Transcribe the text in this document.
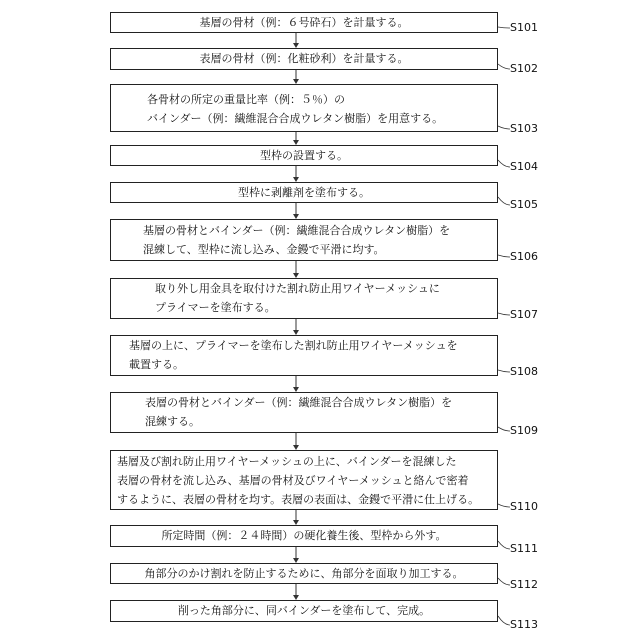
基層の骨材（例：６号砕石）を計量する。	S101
表層の骨材（例：化粧砂利）を計量する。
S102
各骨材の所定の重量比率（例：５％）の
バインダー（例：繊維混合合成ウレタン樹脂）を用意する。
S103
型枠の設置する。
S104
型枠に剥離剤を塗布する。
S105
基層の骨材とバインダー（例：繊維混合合成ウレタン樹脂）を
混練して、型枠に流し込み、金鏝で平滑に均す。
S106
取り外し用金具を取付けた割れ防止用ワイヤーメッシュに
プライマーを塗布する。
S107
基層の上に、プライマーを塗布した割れ防止用ワイヤーメッシュを
載置する。
S108
表層の骨材とバインダー（例：繊維混合合成ウレタン樹脂）を
混練する。
S109
基層及び割れ防止用ワイヤーメッシュの上に、バインダーを混練した
表層の骨材を流し込み、基層の骨材及びワイヤーメッシュと絡んで密着
するように、表層の骨材を均す。表層の表面は、金鏝で平滑に仕上げる。
S110
所定時間（例：２４時間）の硬化養生後、型枠から外す。
S111
角部分のかけ割れを防止するために、角部分を面取り加工する。
S112
削った角部分に、同バインダーを塗布して、完成。
S113
